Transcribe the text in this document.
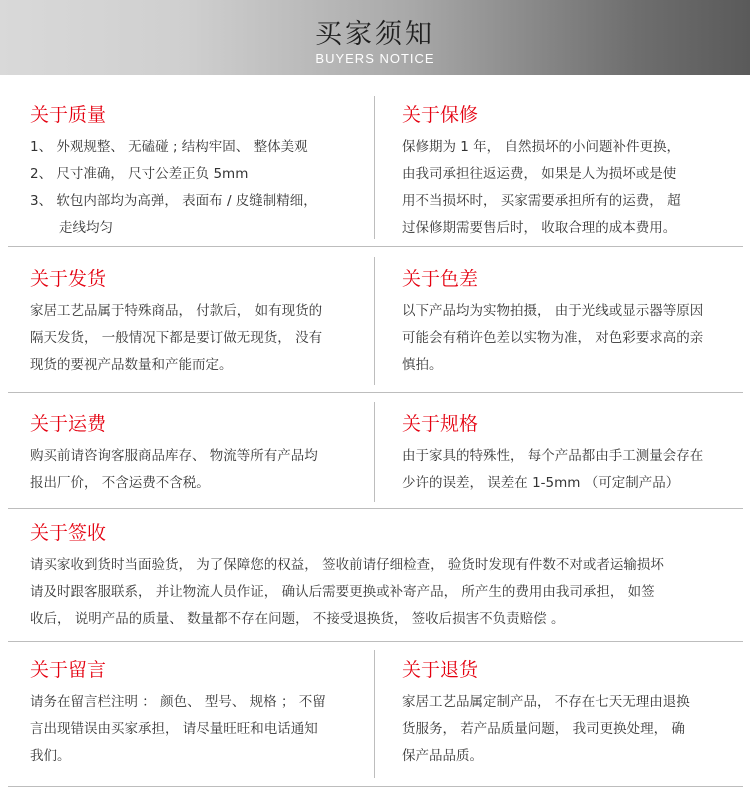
买家须知
BUYERS NOTICE
关于质量
1、 外观规整、 无磕碰 ; 结构牢固、 整体美观
2、 尺寸准确， 尺寸公差正负 5mm
3、 软包内部均为高弹， 表面布 / 皮缝制精细，
走线均匀
关于保修
保修期为 1 年， 自然损坏的小问题补件更换，
由我司承担往返运费， 如果是人为损坏或是使
用不当损坏时， 买家需要承担所有的运费， 超
过保修期需要售后时， 收取合理的成本费用。
关于发货
家居工艺品属于特殊商品， 付款后， 如有现货的
隔天发货， 一般情况下都是要订做无现货， 没有
现货的要视产品数量和产能而定。
关于色差
以下产品均为实物拍摄， 由于光线或显示器等原因
可能会有稍许色差以实物为准， 对色彩要求高的亲
慎拍。
关于运费
购买前请咨询客服商品库存、 物流等所有产品均
报出厂价， 不含运费不含税。
关于规格
由于家具的特殊性， 每个产品都由手工测量会存在
少许的误差， 误差在 1-5mm （可定制产品）
关于签收
请买家收到货时当面验货， 为了保障您的权益， 签收前请仔细检查， 验货时发现有件数不对或者运输损坏
请及时跟客服联系， 并让物流人员作证， 确认后需要更换或补寄产品， 所产生的费用由我司承担， 如签
收后， 说明产品的质量、 数量都不存在问题， 不接受退换货， 签收后损害不负责赔偿 。
关于留言
请务在留言栏注明 ： 颜色、 型号、 规格 ； 不留
言出现错误由买家承担， 请尽量旺旺和电话通知
我们。
关于退货
家居工艺品属定制产品， 不存在七天无理由退换
货服务， 若产品质量问题， 我司更换处理， 确
保产品品质。
